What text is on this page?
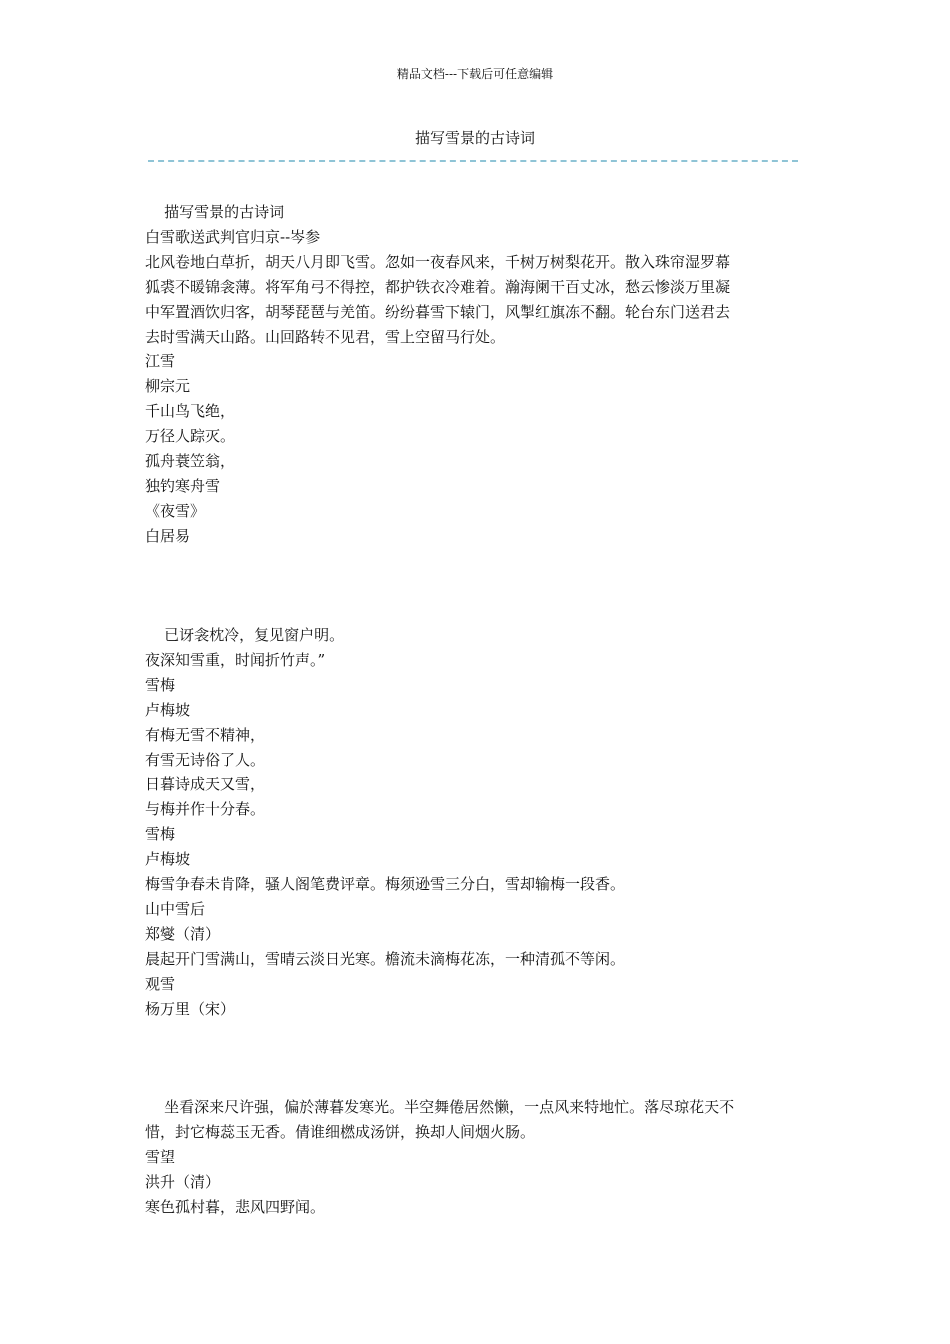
精品文档---下载后可任意编辑
描写雪景的古诗词

描写雪景的古诗词

白雪歌送武判官归京--岑参

北风卷地白草折，胡天八月即飞雪。忽如一夜春风来，千树万树梨花开。散入珠帘湿罗幕

狐裘不暖锦衾薄。将军角弓不得控，都护铁衣冷难着。瀚海阑干百丈冰，愁云惨淡万里凝

中军置酒饮归客，胡琴琵琶与羌笛。纷纷暮雪下辕门，风掣红旗冻不翻。轮台东门送君去

去时雪满天山路。山回路转不见君，雪上空留马行处。

江雪

柳宗元

千山鸟飞绝，

万径人踪灭。

孤舟蓑笠翁，

独钓寒舟雪

《夜雪》

白居易

已讶衾枕冷，复见窗户明。

夜深知雪重，时闻折竹声。”

雪梅

卢梅坡

有梅无雪不精神，

有雪无诗俗了人。

日暮诗成天又雪，

与梅并作十分春。

雪梅

卢梅坡

梅雪争春未肯降，骚人阁笔费评章。梅须逊雪三分白，雪却输梅一段香。

山中雪后

郑燮（清）

晨起开门雪满山，雪晴云淡日光寒。檐流未滴梅花冻，一种清孤不等闲。

观雪

杨万里（宋）

坐看深来尺许强，偏於薄暮发寒光。半空舞倦居然懒，一点风来特地忙。落尽琼花天不

惜，封它梅蕊玉无香。倩谁细橪成汤饼，换却人间烟火肠。

雪望

洪升（清）

寒色孤村暮，悲风四野闻。
